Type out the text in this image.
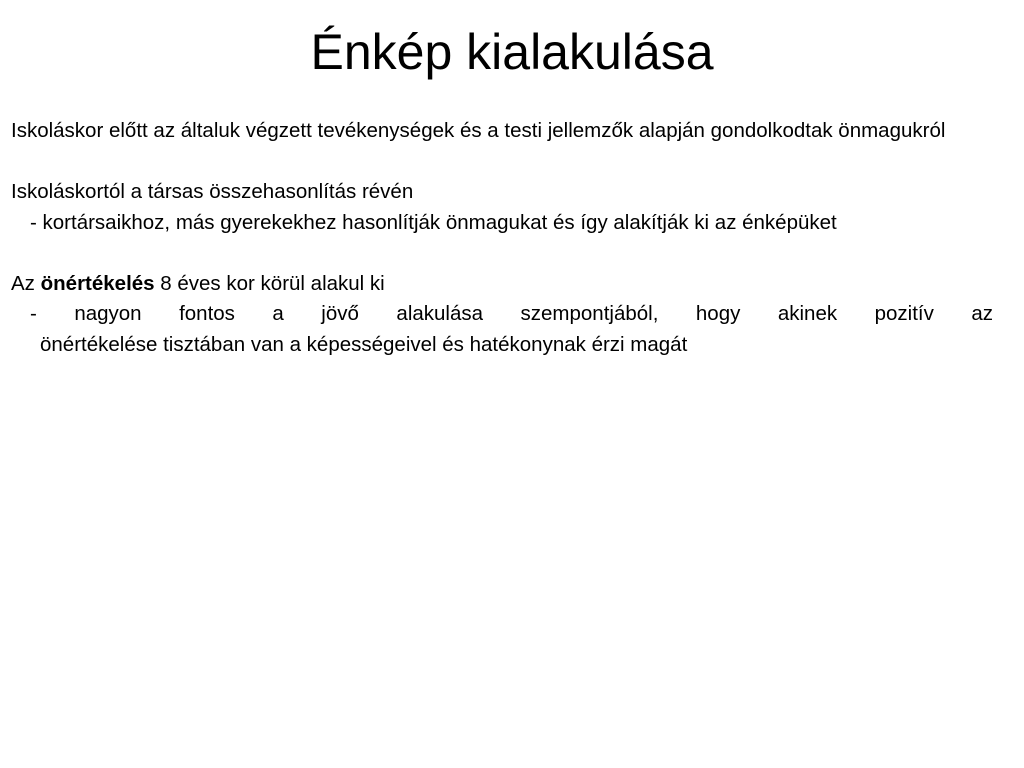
Énkép kialakulása

Iskoláskor előtt az általuk végzett tevékenységek és a testi jellemzők alapján gondolkodtak önmagukról

Iskoláskortól a társas összehasonlítás révén

- kortársaikhoz, más gyerekekhez hasonlítják önmagukat és így alakítják ki az énképüket

Az önértékelés 8 éves kor körül alakul ki

- nagyon fontos a jövő alakulása szempontjából, hogy akinek pozitív az
önértékelése tisztában van a képességeivel és hatékonynak érzi magát
